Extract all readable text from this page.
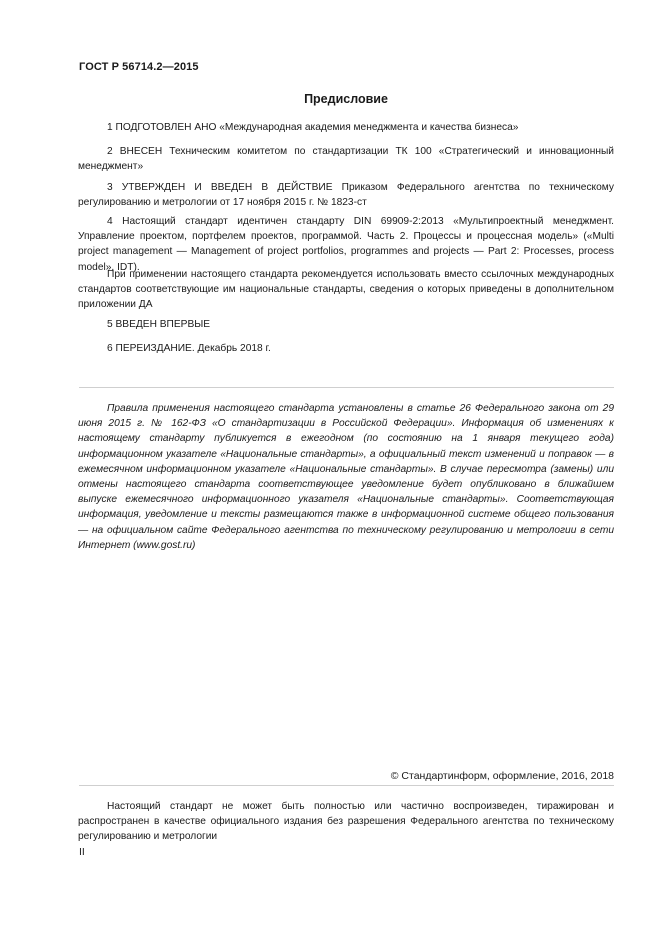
ГОСТ Р 56714.2—2015
Предисловие
1 ПОДГОТОВЛЕН АНО «Международная академия менеджмента и качества бизнеса»
2 ВНЕСЕН Техническим комитетом по стандартизации ТК 100 «Стратегический и инновационный менеджмент»
3 УТВЕРЖДЕН И ВВЕДЕН В ДЕЙСТВИЕ Приказом Федерального агентства по техническому регулированию и метрологии от 17 ноября 2015 г. № 1823-ст
4 Настоящий стандарт идентичен стандарту DIN 69909-2:2013 «Мультипроектный менеджмент. Управление проектом, портфелем проектов, программой. Часть 2. Процессы и процессная модель» («Multi project management — Management of project portfolios, programmes and projects — Part 2: Processes, process model», IDT).
При применении настоящего стандарта рекомендуется использовать вместо ссылочных международных стандартов соответствующие им национальные стандарты, сведения о которых приведены в дополнительном приложении ДА
5 ВВЕДЕН ВПЕРВЫЕ
6 ПЕРЕИЗДАНИЕ. Декабрь 2018 г.
Правила применения настоящего стандарта установлены в статье 26 Федерального закона от 29 июня 2015 г. № 162-ФЗ «О стандартизации в Российской Федерации». Информация об изменениях к настоящему стандарту публикуется в ежегодном (по состоянию на 1 января текущего года) информационном указателе «Национальные стандарты», а официальный текст изменений и поправок — в ежемесячном информационном указателе «Национальные стандарты». В случае пересмотра (замены) или отмены настоящего стандарта соответствующее уведомление будет опубликовано в ближайшем выпуске ежемесячного информационного указателя «Национальные стандарты». Соответствующая информация, уведомление и тексты размещаются также в информационной системе общего пользования — на официальном сайте Федерального агентства по техническому регулированию и метрологии в сети Интернет (www.gost.ru)
© Стандартинформ, оформление, 2016, 2018
Настоящий стандарт не может быть полностью или частично воспроизведен, тиражирован и распространен в качестве официального издания без разрешения Федерального агентства по техническому регулированию и метрологии
II
